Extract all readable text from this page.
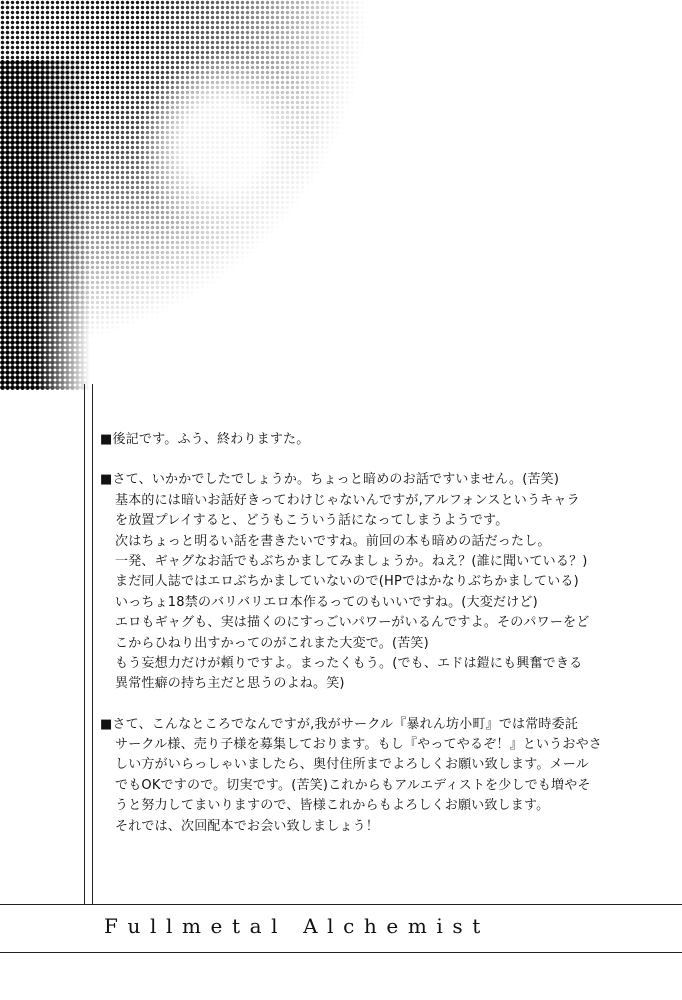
■後記です。ふう、終わりますた。
■さて、いかかでしたでしょうか。ちょっと暗めのお話ですいません。(苦笑)
基本的には暗いお話好きってわけじゃないんですが,アルフォンスというキャラ
を放置プレイすると、どうもこういう話になってしまうようです。
次はちょっと明るい話を書きたいですね。前回の本も暗めの話だったし。
一発、ギャグなお話でもぶちかましてみましょうか。ねえ？(誰に聞いている？)
まだ同人誌ではエロぶちかましていないので(HPではかなりぶちかましている)
いっちょ18禁のバリバリエロ本作るってのもいいですね。(大変だけど)
エロもギャグも、実は描くのにすっごいパワーがいるんですよ。そのパワーをど
こからひねり出すかってのがこれまた大変で。(苦笑)
もう妄想力だけが頼りですよ。まったくもう。(でも、エドは鎧にも興奮できる
異常性癖の持ち主だと思うのよね。笑)
■さて、こんなところでなんですが,我がサークル『暴れん坊小町』では常時委託
サークル様、売り子様を募集しております。もし『やってやるぞ！』というおやさ
しい方がいらっしゃいましたら、奥付住所までよろしくお願い致します。メール
でもOKですので。切実です。(苦笑)これからもアルエディストを少しでも増やそ
うと努力してまいりますので、皆様これからもよろしくお願い致します。
それでは、次回配本でお会い致しましょう！
Fullmetal Alchemist
